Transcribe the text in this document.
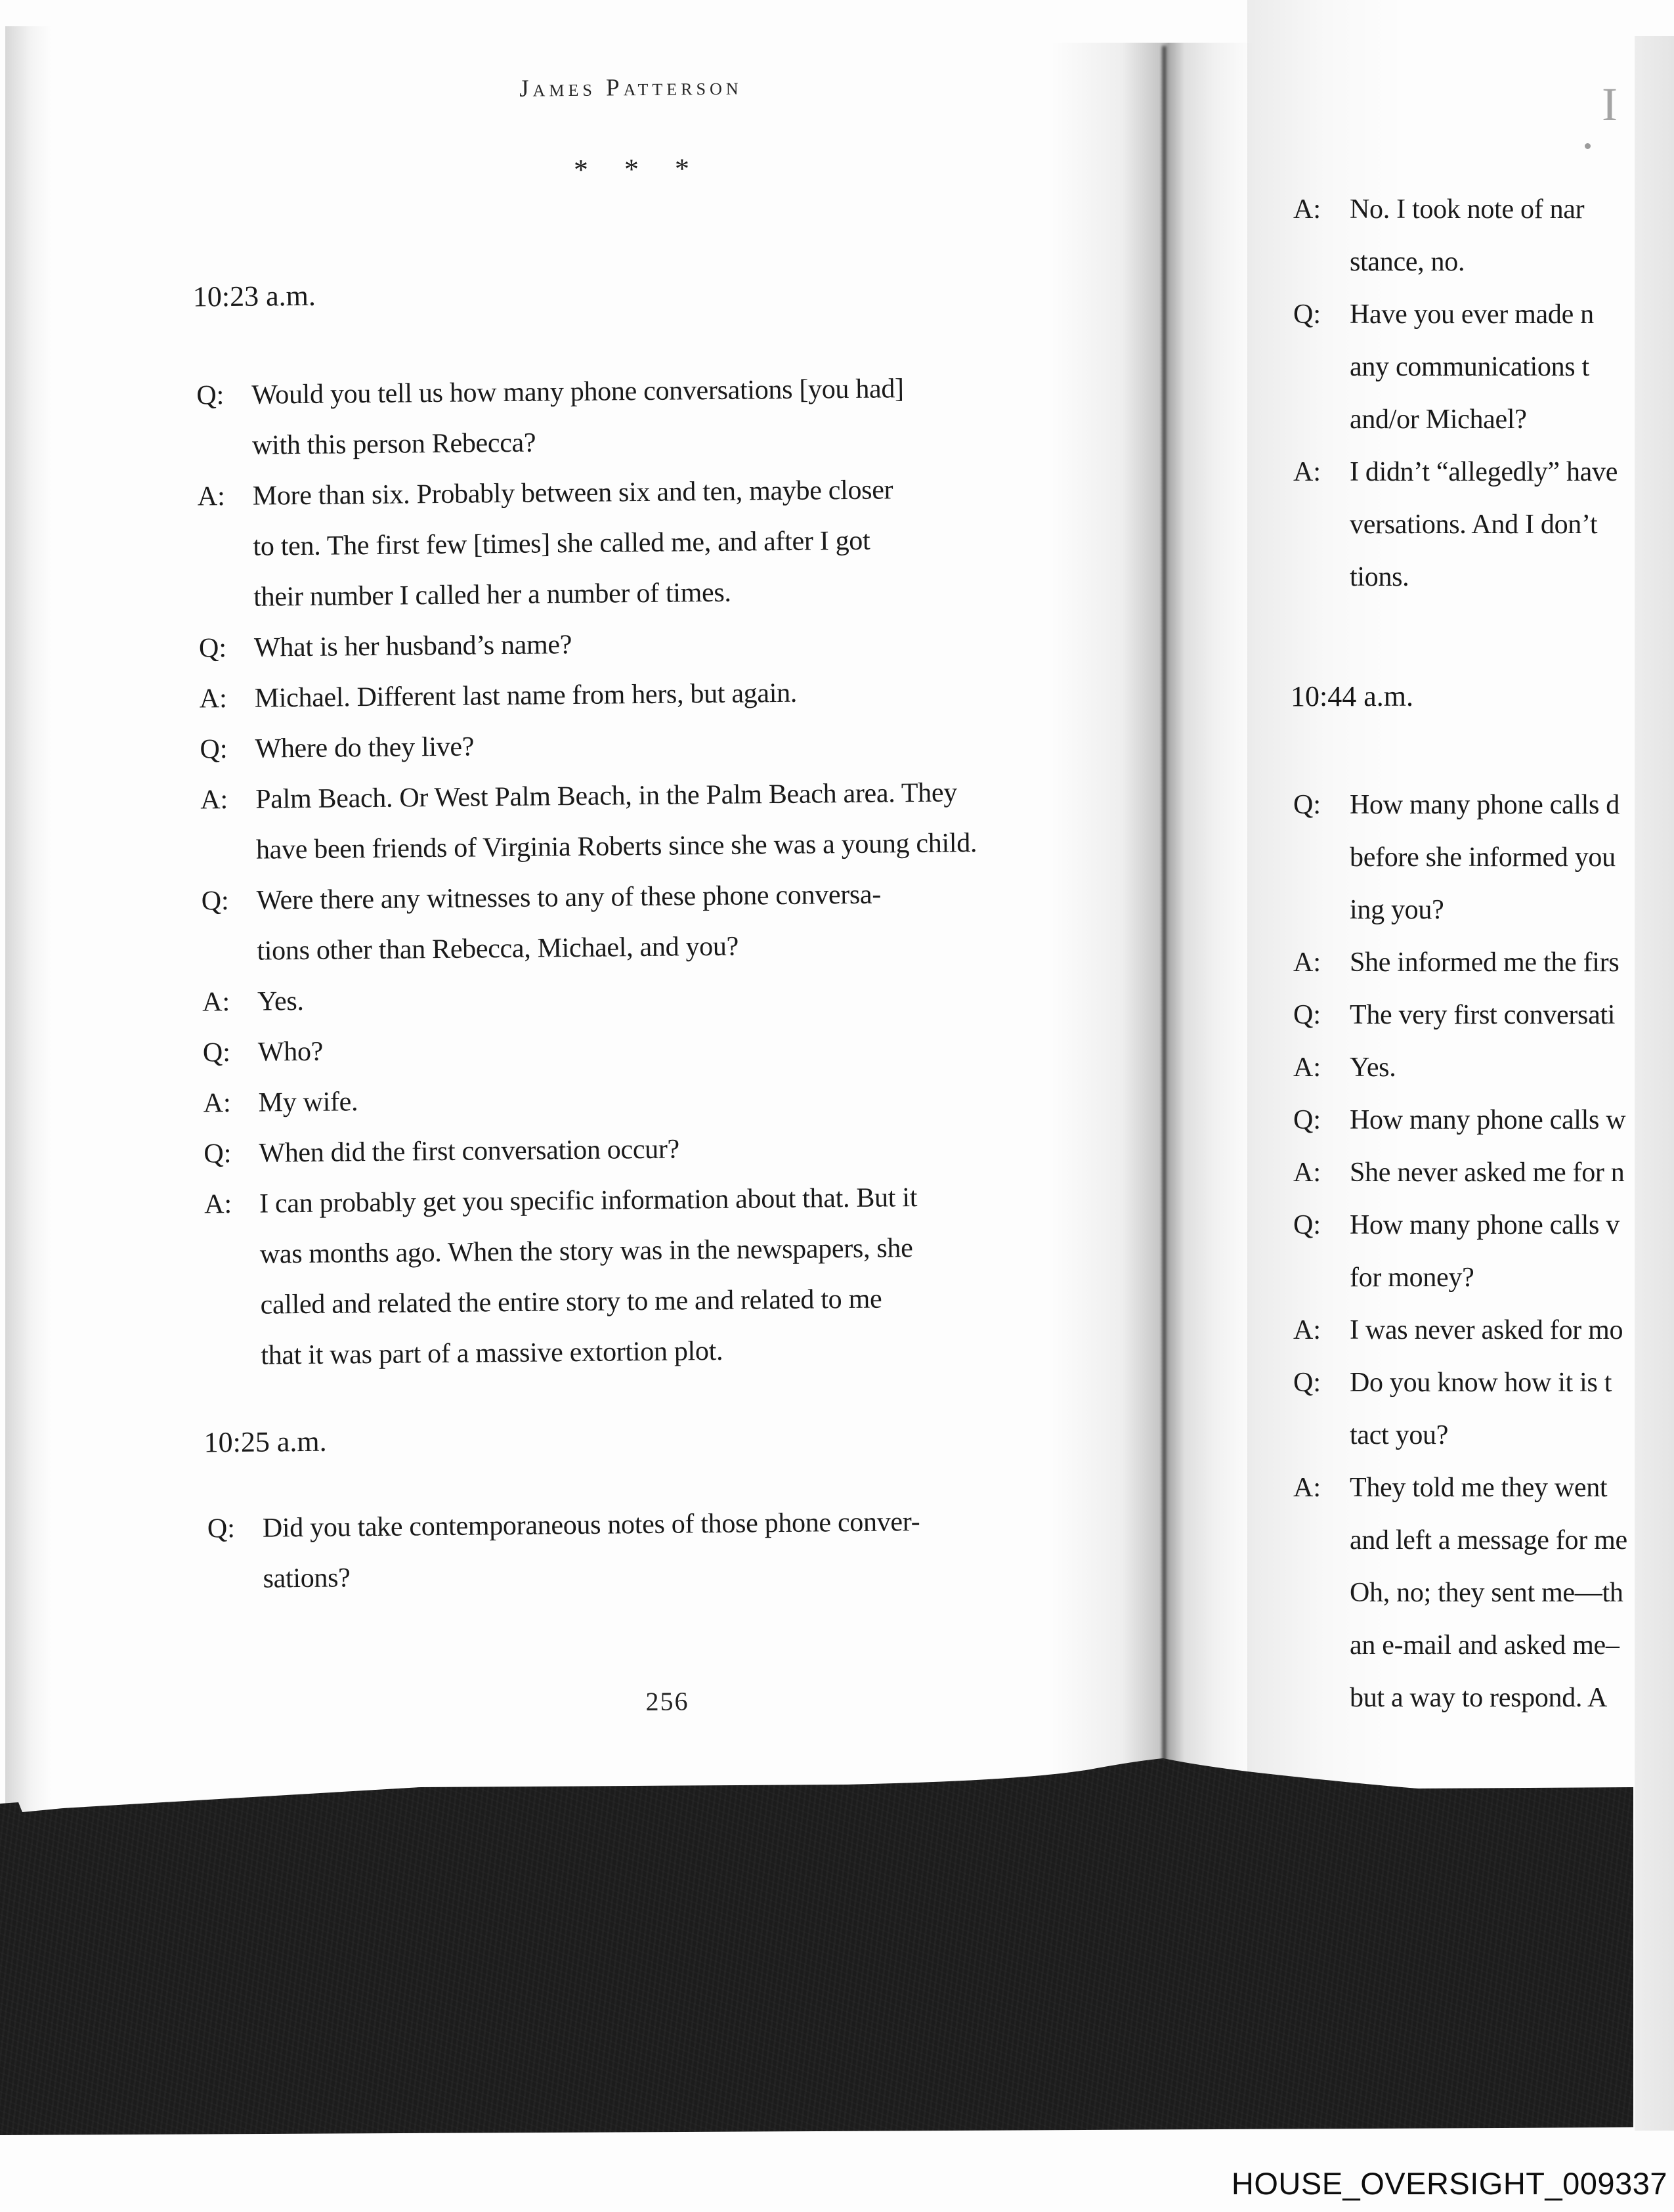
James Patterson
* * *
10:23 a.m.
Q: Would you tell us how many phone conversations [you had]
with this person Rebecca?
A: More than six. Probably between six and ten, maybe closer
to ten. The first few [times] she called me, and after I got
their number I called her a number of times.
Q: What is her husband’s name?
A: Michael. Different last name from hers, but again.
Q: Where do they live?
A: Palm Beach. Or West Palm Beach, in the Palm Beach area. They
have been friends of Virginia Roberts since she was a young child.
Q: Were there any witnesses to any of these phone conversa-
tions other than Rebecca, Michael, and you?
A: Yes.
Q: Who?
A: My wife.
Q: When did the first conversation occur?
A: I can probably get you specific information about that. But it
was months ago. When the story was in the newspapers, she
called and related the entire story to me and related to me
that it was part of a massive extortion plot.
10:25 a.m.
Q: Did you take contemporaneous notes of those phone conver-
sations?
256
I
A:	No. I took note of nar
stance, no.
Q:	Have you ever made n
any communications t
and/or Michael?
A:	I didn’t “allegedly” have
versations. And I don’t
tions.
10:44 a.m.
Q:	How many phone calls d
before she informed you
ing you?
A:	She informed me the firs
Q:	The very first conversati
A:	Yes.
Q:	How many phone calls w
A:	She never asked me for n
Q:	How many phone calls v
for money?
A:	I was never asked for mo
Q:	Do you know how it is t
tact you?
A:	They told me they went
and left a message for me
Oh, no; they sent me—th
an e-mail and asked me–
but a way to respond. A
HOUSE_OVERSIGHT_009337
